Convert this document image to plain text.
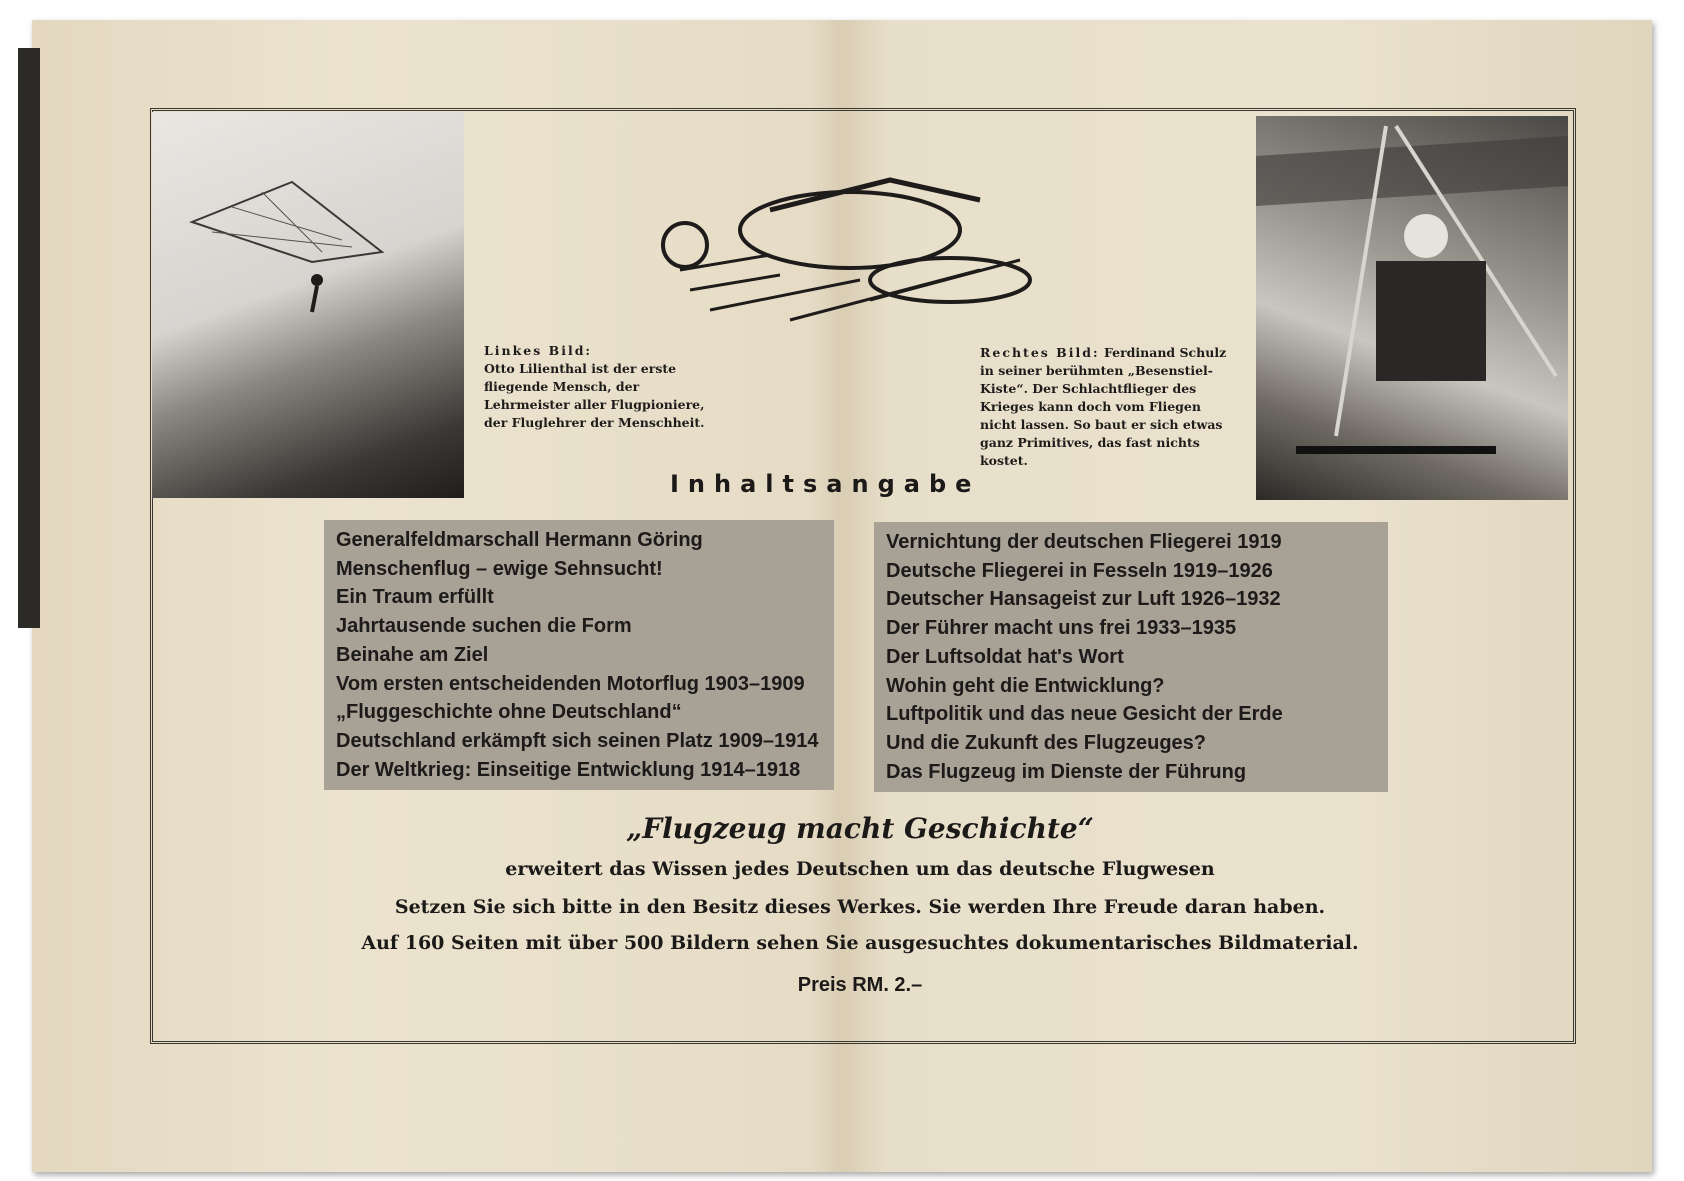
Linkes Bild:
Otto Lilienthal ist der erste fliegende Mensch, der Lehrmeister aller Flugpioniere, der Fluglehrer der Menschheit.
Rechtes Bild: Ferdinand Schulz in seiner berühmten „Besenstiel-Kiste“. Der Schlachtflieger des Krieges kann doch vom Fliegen nicht lassen. So baut er sich etwas ganz Primitives, das fast nichts kostet.
Inhaltsangabe
Generalfeldmarschall Hermann Göring
Menschenflug – ewige Sehnsucht!
Ein Traum erfüllt
Jahrtausende suchen die Form
Beinahe am Ziel
Vom ersten entscheidenden Motorflug 1903–1909
„Fluggeschichte ohne Deutschland“
Deutschland erkämpft sich seinen Platz 1909–1914
Der Weltkrieg: Einseitige Entwicklung 1914–1918
Vernichtung der deutschen Fliegerei 1919
Deutsche Fliegerei in Fesseln 1919–1926
Deutscher Hansageist zur Luft 1926–1932
Der Führer macht uns frei 1933–1935
Der Luftsoldat hat's Wort
Wohin geht die Entwicklung?
Luftpolitik und das neue Gesicht der Erde
Und die Zukunft des Flugzeuges?
Das Flugzeug im Dienste der Führung
„Flugzeug macht Geschichte“
erweitert das Wissen jedes Deutschen um das deutsche Flugwesen
Setzen Sie sich bitte in den Besitz dieses Werkes. Sie werden Ihre Freude daran haben.
Auf 160 Seiten mit über 500 Bildern sehen Sie ausgesuchtes dokumentarisches Bildmaterial.
Preis RM. 2.–
